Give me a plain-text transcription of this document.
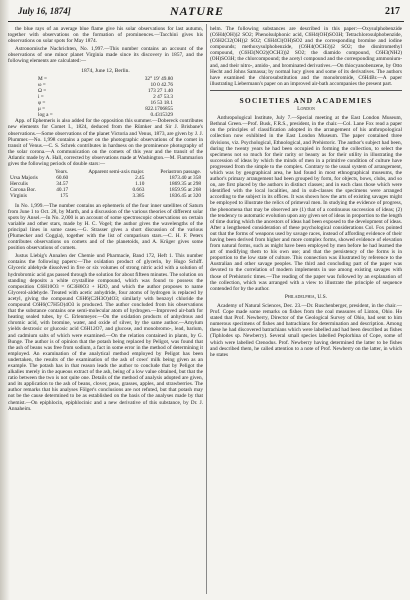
July 16, 1874]	NATURE	217

the blue rays of an average blue flame give his solar observations for last autumn, together with observations on the formation of prominences.—Tacchini gives his observations on solar spots for May 1874.

Astronomische Nachrichten, No. 1,997.—This number contains an account of the observations of one minor planet Virginia made since its discovery in 1857, and the following elements are calculated:—

1874, June 12, Berlin.
M =	32° 19' 49.80
ω =	10 0 42.76
Ω =	173 27 1.40
i =	2 47 53.3
φ =	16 53 18.1
μ =	822.1706855
log a =	0.4315329

App. of Ephemeris is also added for the opposition this summer.—Dobereck contributes new elements for Comet I., 1824, deduced from the Rümker and Sir J. Brisbane's observations.—Some observations of the planet Victoria and Venus, 1873, are given by J. J. Plummer.—No. 1,998 contains a paper on the photographic observations of the comet in transit of Venus.—C. S. Schrek contributes in hardness on the prominence photography of the solar corona.—A communication on the comets of this year and the transit of the Atlantic made by A. Hall, corrected by observations made at Washington.—M. Flammarion gives the following periods of double stars:—

	Years.	Apparent semi-axis major.	Periastron passage.
Ursa Majoris	60.60	2.45	1873.40 at 358
Herculis	34.57	1.10	1869.35 at 298
Corona Bor.	40.17	0.663	1859.95 at 268
Virginis	175	3.385	1836.45 at 320

In No. 1,999.—The number contains an ephemeris of the four inner satellites of Saturn from June 1 to Oct. 28, by Marth, and a discussion of the various theories of different solar spots by Ansel.—In No. 2,000 is an account of some spectroscopic observations on certain variable and other stars, made by H. C. Vogel; the author gives the wavelengths of the principal lines in some cases.—G. Strasser gives a short discussion of the various (Plumecker and Coggia), together with the list of comparison stars.—C. H. F. Peters contributes observations on comets and of the planetoids, and A. Krüger gives some position observations of comets.

Justus Liebig's Annalen der Chemie und Pharmacie, Band 172, Heft 1. This number contains the following papers:—The oxidation product of glycerin, by Hugo Schiff. Glyceric aldehyde dissolved in five or six volumes of strong nitric acid with a solution of hydrobromic acid gas passed through the solution for about fifteen minutes. The solution on standing deposits a white crystalline compound, which was found to possess the composition C6H10O3 = 6C3H6O3 + H2O, and which the author proposes to name Glycerol-aldehyde. Treated with acetic anhydride, four atoms of hydrogen is replaced by acetyl, giving the compound C6H6(C2H3O)4O3; similarly with benzoyl chloride the compound C6H6(C7H5O)4O3 is produced. The author concluded from his observations that the substance contains one semi-molecular atom of hydrogen.—Improved air-bath for heating sealed tubes, by C. Erlenmeyer.—On the oxidation products of anhydrous and chromic acid, with bromine, water, and oxide of silver, by the same author.—Amylum yields dextrosic or glucosic acid C6H12O7, and glucose, and monobromo-, lead, barium, and cadmium salts of which were examined.—On the relation contained in plants, by G. Bunge. The author is of opinion that the potash being replaced by Peligot, was found that the ash of beans was free from sodium, a fact in some error in the method of determining it employed. An examination of the analytical method employed by Peligot has been undertaken, the results of the examination of the ash of cows' milk being given as an example. The potash has in that reason leads the author to conclude that by Peligot the alkalies merely in the aqueous extract of the ash, being of a low value obtained, but that the ratio between the two is not quite one. Details of the method of analysis adopted are given, and its application to the ash of beans, clover, peas, grasses, apples, and strawberries. The author remarks that his analyses Fölger's conclusions are not refuted, but that potash may not be the cause determined to be as established on the basis of the analyses made by that chemist.—On epiphlocin, epiphlocinic and a new derivative of this substance, by Dr. J. Annaheim.

helm. The following substances are described in this paper:—Oxysulphobenzide (C6H4(OH))2 SO2; Phenolsulphonic acid, C6H4(OH)SO3H; Tetrachlorosulphobenzide, (C6H2Cl2(OH))2 SO2; C6H4Cl(OH)SO2 and the corresponding bromine and iodine compounds; methoxysulphobenzide, (C6H4(OCH3))2 SO2; the disnitromethyl compound, (C6H3(NO2)(OCH3))2 SO2; the diamido compound, C6H3(NH2)(OH)SO3H; the chlorcompound; the acetyl compound and the corresponding ammonium- and, and their nitro-, amido-, and brominated derivatives.—On thiocyanobenzene, by Otto Hecht and Johns Samassa; by normal lucy given and some of its derivatives. The authors have examined the chlorosubstitution and the monobromide, C6H4Br.—A paper illustrating Liebermann's paper on an improved air-bath accompanies the present part.

SOCIETIES AND ACADEMIES
London

Anthropological Institute, July 7.—Special meeting at the East London Museum, Bethnal Green.—Prof. Busk, F.R.S., president, in the chair.—Col. Lane Fox read a paper on the principles of classification adopted in the arrangement of his anthropological collection now exhibited in the East London Museum. The paper contained three divisions, viz. Psychological, Ethnological, and Prehistoric. The author's subject had been, during the twenty years he had been occupied in forming the collection, to select the specimens not so much for their rarity or beauty as for their utility in illustrating the succession of ideas by which the minds of men in a primitive condition of culture have progressed from the simple to the complex. Contrary to the usual system of arrangement, which was by geographical area, he had found in most ethnographical museums, the author's primary arrangement had been grouped by form, for objects, bows, clubs, and so on, are first placed by the authors in distinct classes; and in each class those which were identified with the local localities, and in sub-classes the specimens were arranged according to the subject in its offices. It was shown how the arts of existing savages might be employed to illustrate the relics of primeval men. In studying the evidence of progress, the phenomena that may be observed are (1) that of a continuous succession of ideas; (2) the tendency to automatic evolution upon any given set of ideas in proportion to the length of time during which the ancestors of ideas had been exposed to the development of ideas. After a lengthened consideration of these psychological considerations Col. Fox pointed out that the forms of weapons used by savage races, instead of affording evidence of their having been derived from higher and more complex forms, showed evidence of elevation from natural forms, such as might have been employed by men before he had learned the art of modifying them to his own use; and that the persistency of the forms is in proportion to the low state of culture. This connection was illustrated by reference to the Australian and other savage peoples. The third and concluding part of the paper was devoted to the correlation of modern implements in use among existing savages with those of Prehistoric times.—The reading of the paper was followed by an explanation of the collection, which was arranged with a view to illustrate the principle of sequence contended for by the author.

Philadelphia, U.S.

Academy of Natural Sciences, Dec. 23.—Dr. Ruschenberger, president, in the chair.—Prof. Cope made some remarks on fishes from the coal measures of Linton, Ohio. He stated that Prof. Newberry, Director of the Geological Survey of Ohio, had sent to him numerous specimens of fishes and batrachians for determination and description. Among these he had discovered batrachians which were labelled and had been described as fishes (Tiphlodes sp. Newberry). Several small species labelled Peplorhina of Cope, some of which were labelled Ctenodus. Prof. Newberry having determined the latter to be fishes and described them, he called attention to a note of Prof. Newberry on the latter, in which he states
